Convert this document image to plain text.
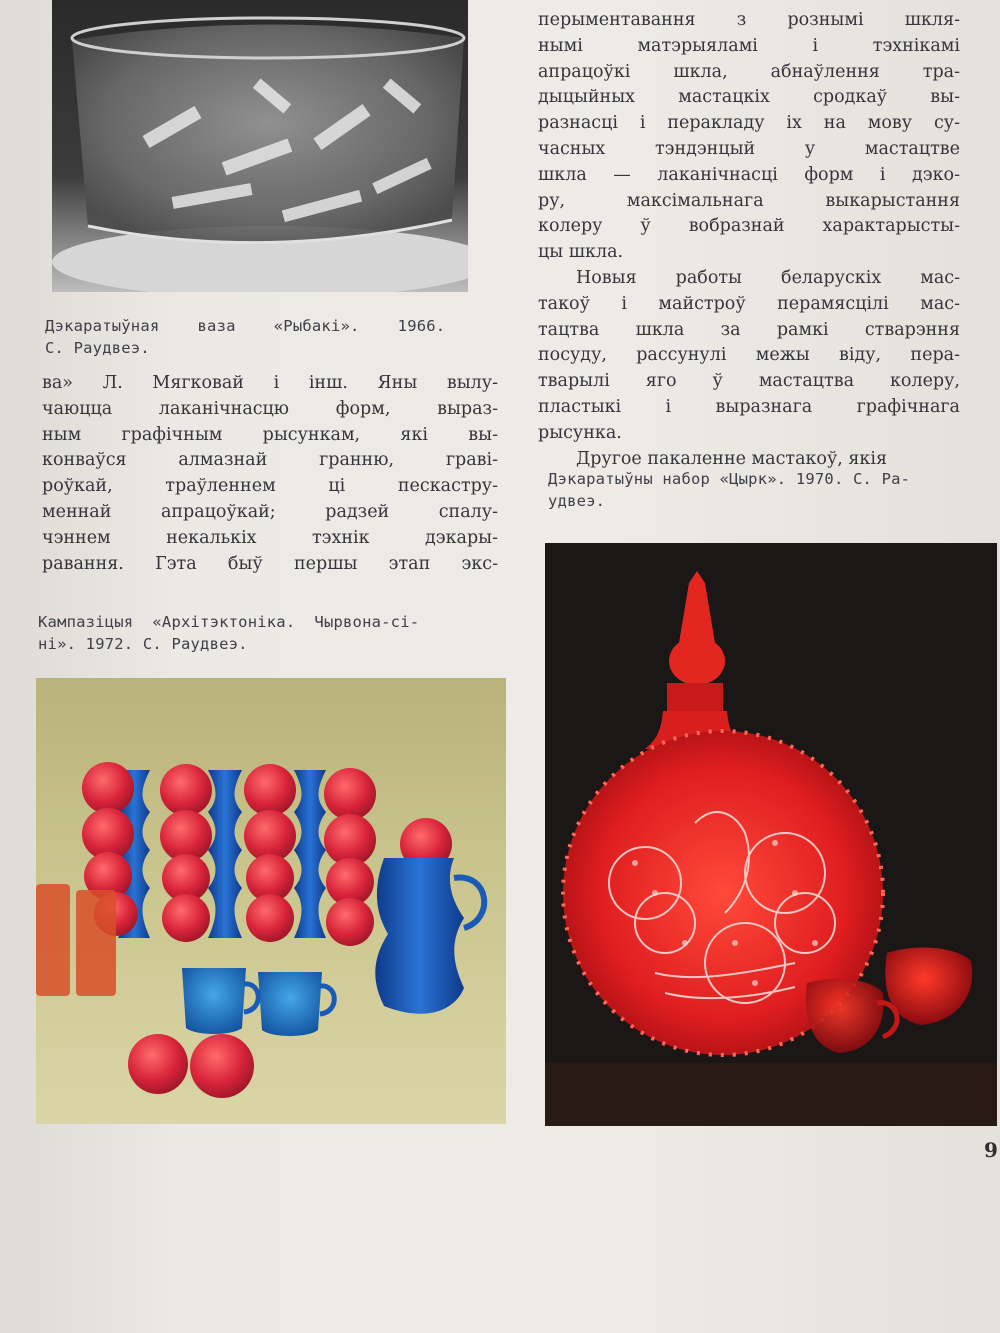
Дэкаратыўная    ваза    «Рыбакі».    1966.
С. Раудвеэ.
ва» Л. Мягковай і інш. Яны вылу-
чаюцца лаканічнасцю форм, выраз-
ным графічным рысункам, які вы-
конваўся алмазнай гранню, граві-
роўкай, траўленнем ці пескастру-
меннай апрацоўкай; радзей спалу-
чэннем некалькіх тэхнік дэкары-
равання. Гэта быў першы этап экс-
Кампазіцыя  «Архітэктоніка.  Чырвона-сі-
ні». 1972. С. Раудвеэ.
перыментавання з рознымі шкля-
нымі матэрыяламі і тэхнікамі
апрацоўкі шкла, абнаўлення тра-
дыцыйных мастацкіх сродкаў вы-
разнасці і перакладу іх на мову су-
часных тэндэнцый у мастацтве
шкла — лаканічнасці форм і дэко-
ру, максімальнага выкарыстання
колеру ў вобразнай характарысты-
цы шкла.
Новыя работы беларускіх мас-
такоў і майстроў перамясцілі мас-
тацтва шкла за рамкі стварэння
посуду, рассунулі межы віду, пера-
тварылі яго ў мастацтва колеру,
пластыкі і выразнага графічнага
рысунка.
Другое пакаленне мастакоў, якія
Дэкаратыўны набор «Цырк». 1970. С. Ра-
удвеэ.
9
